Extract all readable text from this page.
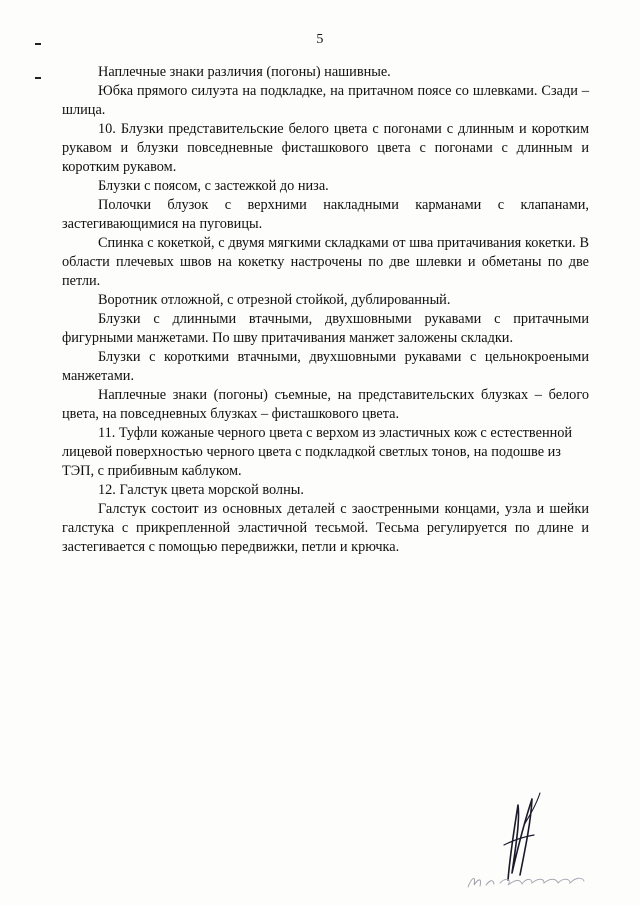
5

Наплечные знаки различия (погоны) нашивные.

Юбка прямого силуэта на подкладке, на притачном поясе со шлевками. Сзади – шлица.

10. Блузки представительские белого цвета с погонами с длинным и коротким рукавом и блузки повседневные фисташкового цвета с погонами с длинным и коротким рукавом.

Блузки с поясом, с застежкой до низа.

Полочки блузок с верхними накладными карманами с клапанами, застегивающимися на пуговицы.

Спинка с кокеткой, с двумя мягкими складками от шва притачивания кокетки. В области плечевых швов на кокетку настрочены по две шлевки и обметаны по две петли.

Воротник отложной, с отрезной стойкой, дублированный.

Блузки с длинными втачными, двухшовными рукавами с притачными фигурными манжетами. По шву притачивания манжет заложены складки.

Блузки с короткими втачными, двухшовными рукавами с цельнокроеными манжетами.

Наплечные знаки (погоны) съемные, на представительских блузках – белого цвета, на повседневных блузках – фисташкового цвета.

11. Туфли кожаные черного цвета с верхом из эластичных кож с естественной лицевой поверхностью черного цвета с подкладкой светлых тонов, на подошве из ТЭП, с прибивным каблуком.

12. Галстук цвета морской волны.

Галстук состоит из основных деталей с заостренными концами, узла и шейки галстука с прикрепленной эластичной тесьмой. Тесьма регулируется по длине и застегивается с помощью передвижки, петли и крючка.
